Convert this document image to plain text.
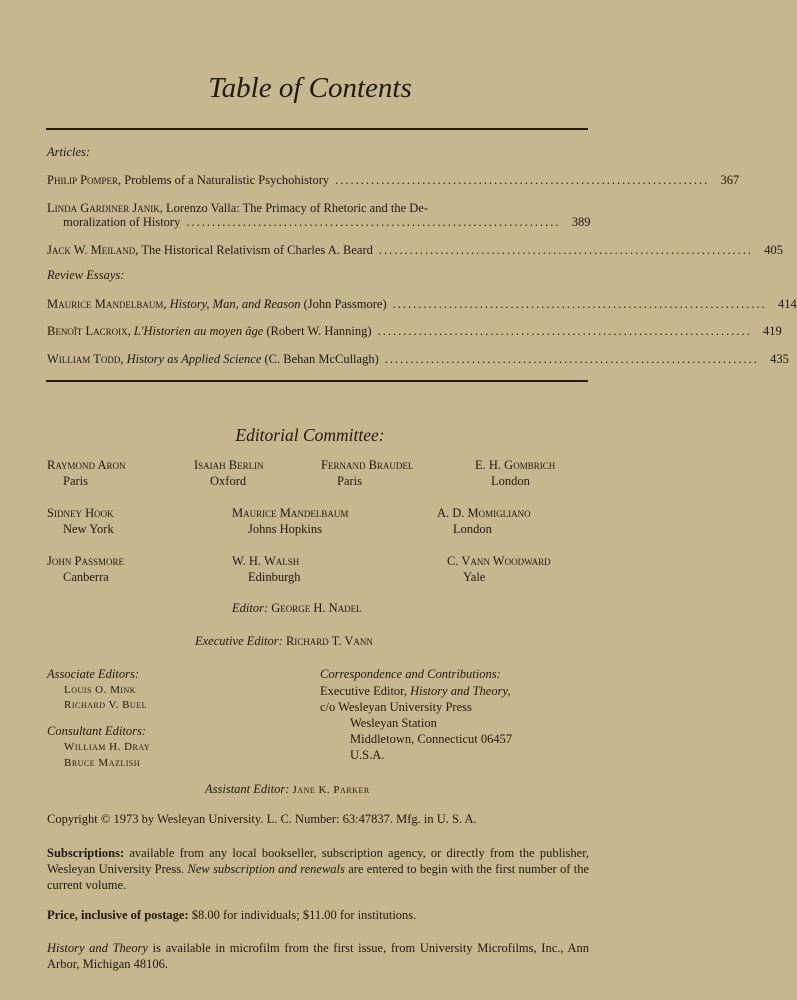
Table of Contents
Articles:
Philip Pomper, Problems of a Naturalistic Psychohistory ......................................................................... 367
Linda Gardiner Janik, Lorenzo Valla: The Primacy of Rhetoric and the De-
moralization of History ......................................................................... 389
Jack W. Meiland, The Historical Relativism of Charles A. Beard ......................................................................... 405
Review Essays:
Maurice Mandelbaum, History, Man, and Reason (John Passmore) ......................................................................... 414
Benoît Lacroix, L'Historien au moyen âge (Robert W. Hanning) ......................................................................... 419
William Todd, History as Applied Science (C. Behan McCullagh) ......................................................................... 435
Editorial Committee:
Raymond Aron
Paris
Isaiah Berlin
Oxford
Fernand Braudel
Paris
E. H. Gombrich
London
Sidney Hook
New York
Maurice Mandelbaum
Johns Hopkins
A. D. Momigliano
London
John Passmore
Canberra
W. H. Walsh
Edinburgh
C. Vann Woodward
Yale
Editor: George H. Nadel
Executive Editor: Richard T. Vann
Associate Editors:
Louis O. Mink
Richard V. Buel
Consultant Editors:
William H. Dray
Bruce Mazlish
Correspondence and Contributions:
Executive Editor, History and Theory,
c/o Wesleyan University Press
Wesleyan Station
Middletown, Connecticut 06457
U.S.A.
Assistant Editor: Jane K. Parker
Copyright © 1973 by Wesleyan University. L. C. Number: 63:47837. Mfg. in U. S. A.
Subscriptions: available from any local bookseller, subscription agency, or directly from the publisher, Wesleyan University Press. New subscription and renewals are entered to begin with the first number of the current volume.
Price, inclusive of postage: $8.00 for individuals; $11.00 for institutions.
History and Theory is available in microfilm from the first issue, from University Microfilms, Inc., Ann Arbor, Michigan 48106.
